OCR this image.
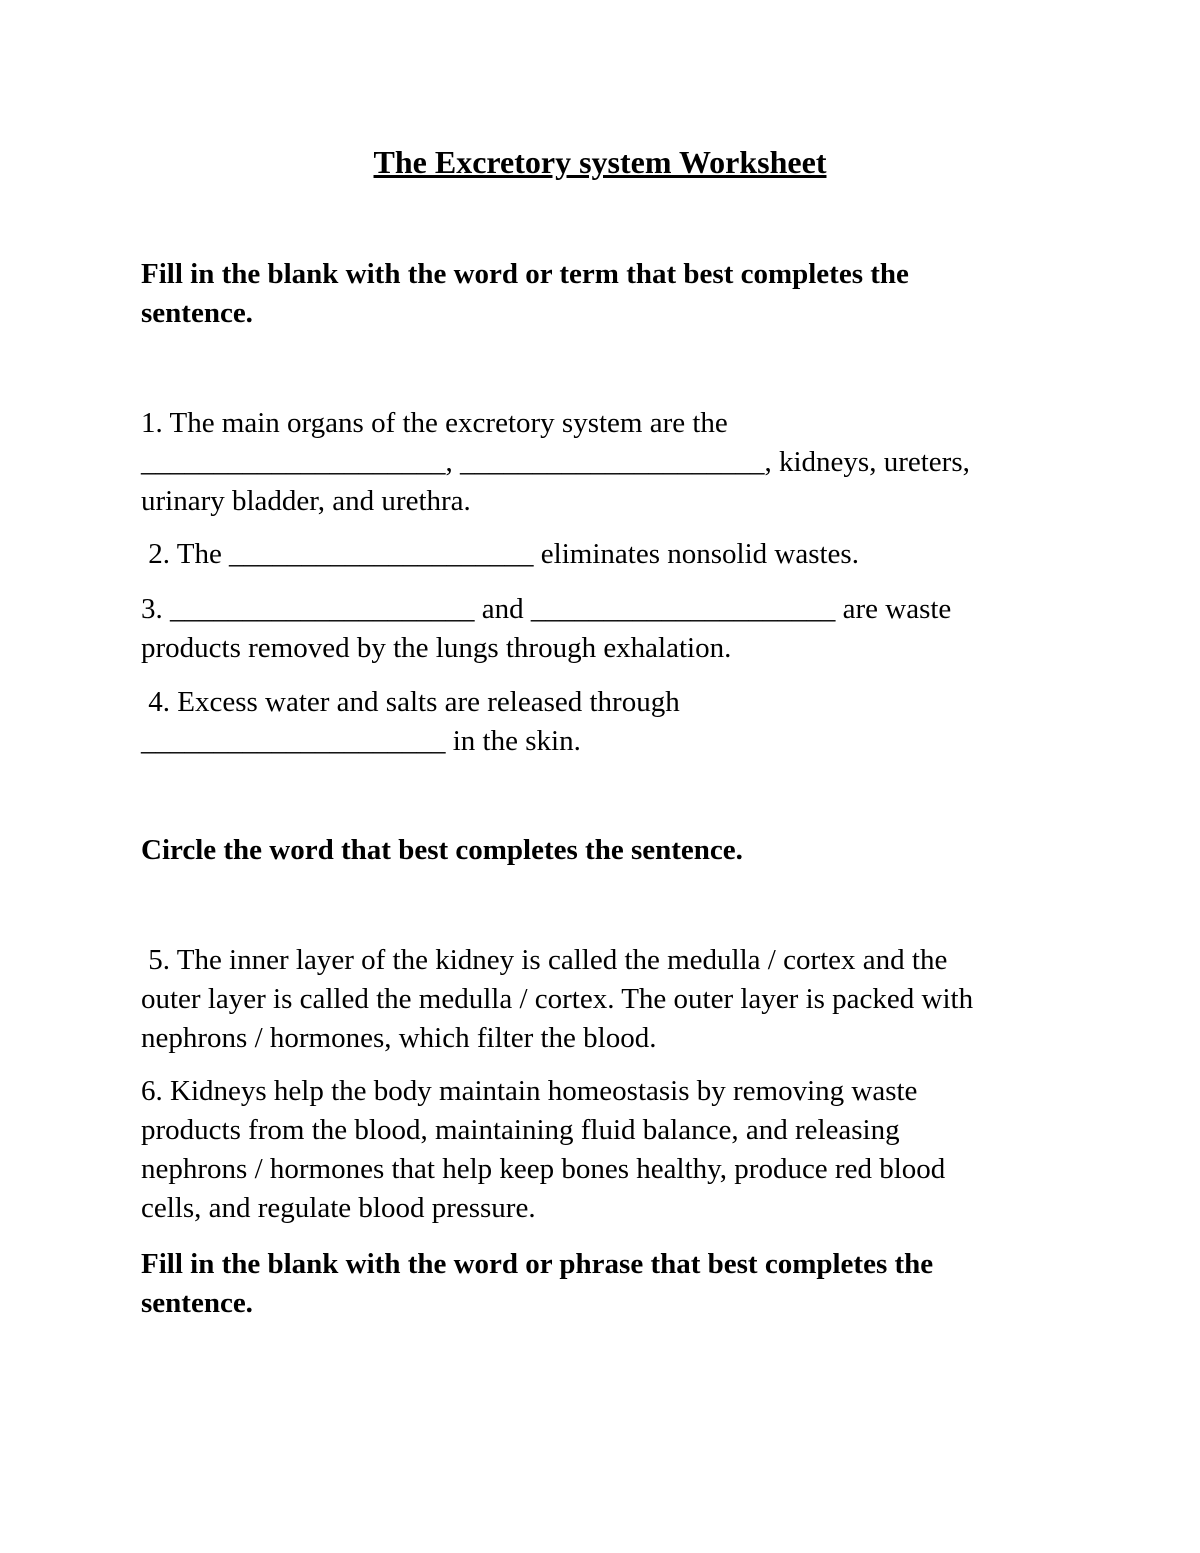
The Excretory system Worksheet
Fill in the blank with the word or term that best completes the
sentence.
1. The main organs of the excretory system are the
_____________________, _____________________, kidneys, ureters,
urinary bladder, and urethra.
2. The _____________________ eliminates nonsolid wastes.
3. _____________________ and _____________________ are waste
products removed by the lungs through exhalation.
4. Excess water and salts are released through
_____________________ in the skin.
Circle the word that best completes the sentence.
5. The inner layer of the kidney is called the medulla / cortex and the
outer layer is called the medulla / cortex. The outer layer is packed with
nephrons / hormones, which filter the blood.
6. Kidneys help the body maintain homeostasis by removing waste
products from the blood, maintaining fluid balance, and releasing
nephrons / hormones that help keep bones healthy, produce red blood
cells, and regulate blood pressure.
Fill in the blank with the word or phrase that best completes the
sentence.
